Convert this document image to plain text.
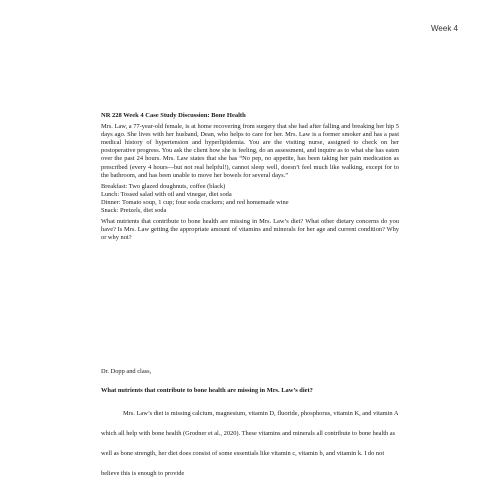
Week 4

NR 228 Week 4 Case Study Discussion: Bone Health

Mrs. Law, a 77-year-old female, is at home recovering from surgery that she had after falling and breaking her hip 5 days ago. She lives with her husband, Dean, who helps to care for her. Mrs. Law is a former smoker and has a past medical history of hypertension and hyperlipidemia. You are the visiting nurse, assigned to check on her postoperative progress. You ask the client how she is feeling, do an assessment, and inquire as to what she has eaten over the past 24 hours. Mrs. Law states that she has “No pep, no appetite, has been taking her pain medication as prescribed (every 4 hours—but not real helpful!), cannot sleep well, doesn’t feel much like walking, except for to the bathroom, and has been unable to move her bowels for several days.”

Breakfast: Two glazed doughnuts, coffee (black)
Lunch: Tossed salad with oil and vinegar, diet soda
Dinner: Tomato soup, 1 cup; four soda crackers; and red homemade wine
Snack: Pretzels, diet soda

What nutrients that contribute to bone health are missing in Mrs. Law’s diet? What other dietary concerns do you have? Is Mrs. Law getting the appropriate amount of vitamins and minerals for her age and current condition? Why or why not?

Dr. Dopp and class,

What nutrients that contribute to bone health are missing in Mrs. Law’s diet?

Mrs. Law’s diet is missing calcium, magnesium, vitamin D, fluoride, phosphorus, vitamin K, and vitamin A which all help with bone health (Grodner et al., 2020). These vitamins and minerals all contribute to bone health as well as bone strength, her diet does consist of some essentials like vitamin c, vitamin b, and vitamin k. I do not believe this is enough to provide
